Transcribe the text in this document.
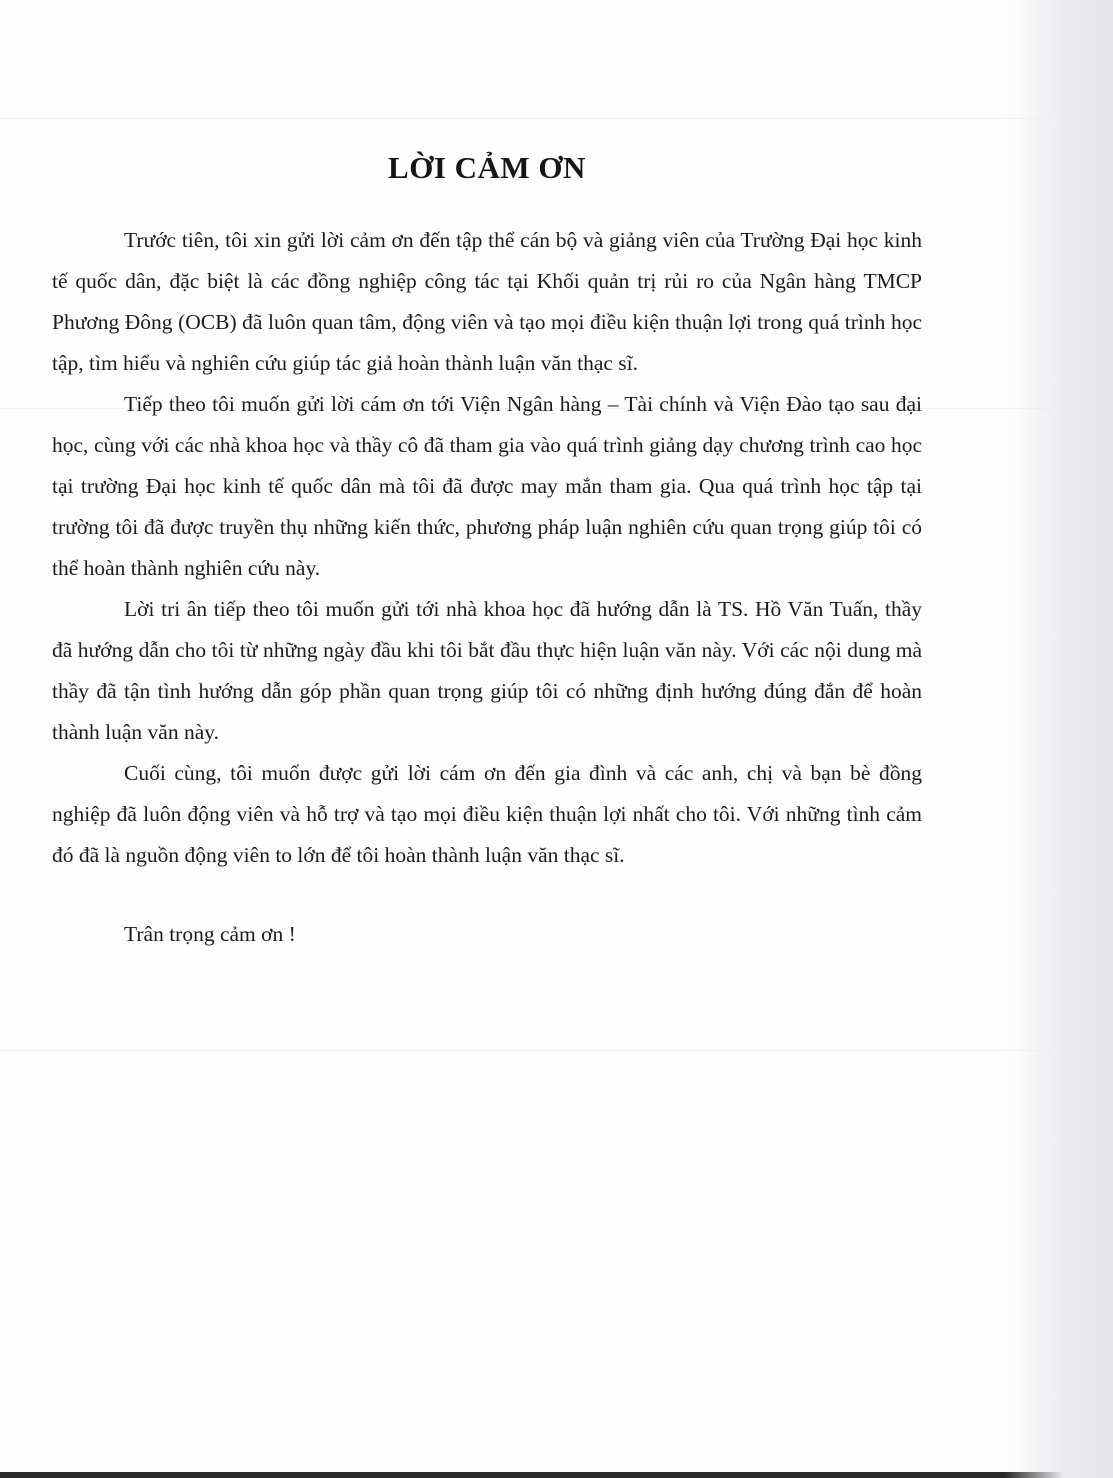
LỜI CẢM ƠN

Trước tiên, tôi xin gửi lời cảm ơn đến tập thể cán bộ và giảng viên của Trường Đại học kinh tế quốc dân, đặc biệt là các đồng nghiệp công tác tại Khối quản trị rủi ro của Ngân hàng TMCP Phương Đông (OCB) đã luôn quan tâm, động viên và tạo mọi điều kiện thuận lợi trong quá trình học tập, tìm hiểu và nghiên cứu giúp tác giả hoàn thành luận văn thạc sĩ.

Tiếp theo tôi muốn gửi lời cám ơn tới Viện Ngân hàng – Tài chính và Viện Đào tạo sau đại học, cùng với các nhà khoa học và thầy cô đã tham gia vào quá trình giảng dạy chương trình cao học tại trường Đại học kinh tế quốc dân mà tôi đã được may mắn tham gia. Qua quá trình học tập tại trường tôi đã được truyền thụ những kiến thức, phương pháp luận nghiên cứu quan trọng giúp tôi có thể hoàn thành nghiên cứu này.

Lời tri ân tiếp theo tôi muốn gửi tới nhà khoa học đã hướng dẫn là TS. Hồ Văn Tuấn, thầy đã hướng dẫn cho tôi từ những ngày đầu khi tôi bắt đầu thực hiện luận văn này. Với các nội dung mà thầy đã tận tình hướng dẫn góp phần quan trọng giúp tôi có những định hướng đúng đắn để hoàn thành luận văn này.

Cuối cùng, tôi muốn được gửi lời cám ơn đến gia đình và các anh, chị và bạn bè đồng nghiệp đã luôn động viên và hỗ trợ và tạo mọi điều kiện thuận lợi nhất cho tôi. Với những tình cảm đó đã là nguồn động viên to lớn để tôi hoàn thành luận văn thạc sĩ.

Trân trọng cảm ơn !
